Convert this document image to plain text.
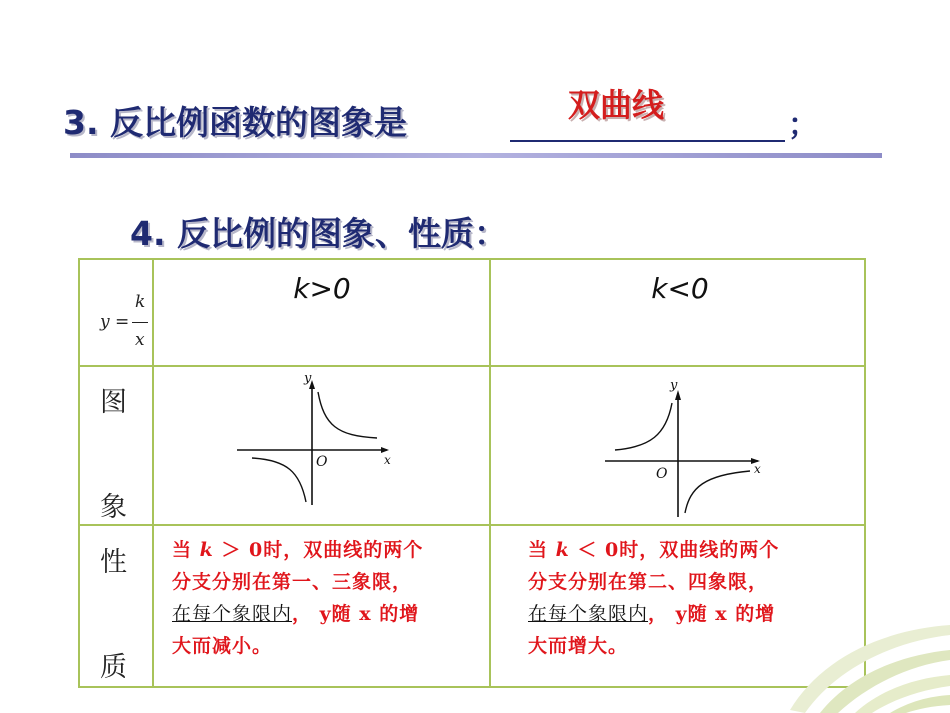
3. 反比例函数的图象是	双曲线
；
4. 反比例的图象、性质：
y =
k
x
k>0	k<0
图
象
性
质
y
x
O
y
x
O
当 k ＞ 0时，双曲线的两个
分支分别在第一、三象限，
在每个象限内， y随 x 的增
大而减小。
当 k ＜ 0时，双曲线的两个
分支分别在第二、四象限，
在每个象限内， y随 x 的增
大而增大。
